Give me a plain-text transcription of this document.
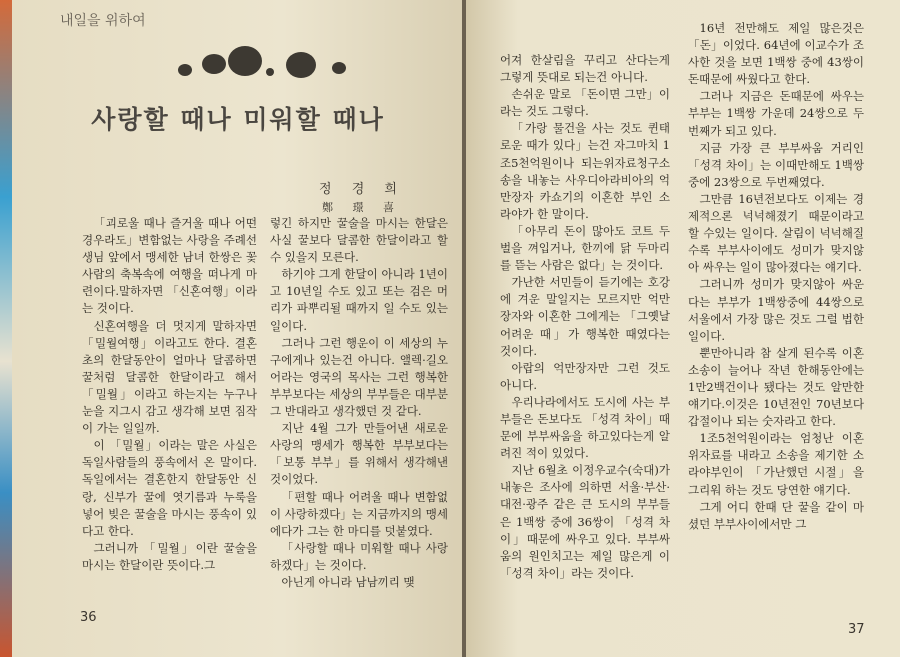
내일을 위하여
사랑할 때나 미워할 때나
정 경 희
鄭 璟 喜

「괴로울 때나 즐거울 때나 어떤 경우라도」변함없는 사랑을 주례선생님 앞에서 맹세한 남녀 한쌍은 꽃사람의 축복속에 여행을 떠나게 마련이다.말하자면 「신혼여행」이라는 것이다.

신혼여행을 더 멋지게 말하자면 「밀월여행」이라고도 한다. 결혼초의 한달동안이 얼마나 달콤하면 꿀처럼 달콤한 한달이라고 해서 「밀월」이라고 하는지는 누구나 눈을 지그시 감고 생각해 보면 짐작이 가는 일일까.

이 「밀월」이라는 말은 사실은 독일사람들의 풍속에서 온 말이다. 독일에서는 결혼한지 한달동안 신랑, 신부가 꿀에 엿기름과 누룩을 넣어 빚은 꿀술을 마시는 풍속이 있다고 한다.

그러니까 「밀월」이란 꿀술을 마시는 한달이란 뜻이다.그

렇긴 하지만 꿀술을 마시는 한달은 사실 꿀보다 달콤한 한달이라고 할 수 있을지 모른다.

하기야 그게 한달이 아니라 1년이고 10년일 수도 있고 또는 검은 머리가 파뿌리될 때까지 일 수도 있는 일이다.

그러나 그런 행운이 이 세상의 누구에게나 있는건 아니다. 앨렉·길오어라는 영국의 목사는 그런 행복한 부부보다는 세상의 부부들은 대부분 그 반대라고 생각했던 것 같다.

지난 4월 그가 만들어낸 새로운 사랑의 맹세가 행복한 부부보다는 「보통 부부」를 위해서 생각해낸 것이었다.

「편할 때나 어려울 때나 변함없이 사랑하겠다」는 지금까지의 맹세에다가 그는 한 마디를 덧붙였다.

「사랑할 때나 미워할 때나 사랑하겠다」는 것이다.

아닌게 아니라 남남끼리 맺

36

어져 한살림을 꾸리고 산다는게 그렇게 뜻대로 되는건 아니다.

손쉬운 말로 「돈이면 그만」이라는 것도 그렇다.

「가랑 물건을 사는 것도 퀸태로운 때가 있다」는건 자그마치 1조5천억원이나 되는위자료청구소송을 내놓는 사우디아라비아의 억만장자 카쇼기의 이혼한 부인 소라야가 한 말이다.

「아무리 돈이 많아도 코트 두벌을 껴입거나, 한끼에 닭 두마리를 뜯는 사람은 없다」는 것이다.

가난한 서민들이 듣기에는 호강에 겨운 말일지는 모르지만 억만장자와 이혼한 그에게는 「그옛날 어려운 때」가 행복한 때였다는 것이다.

아랍의 억만장자만 그런 것도 아니다.

우리나라에서도 도시에 사는 부부들은 돈보다도 「성격 차이」때문에 부부싸움을 하고있다는게 알려진 적이 있었다.

지난 6월초 이정우교수(숙대)가 내놓은 조사에 의하면 서울·부산·대전·광주 같은 큰 도시의 부부들은 1백쌍 중에 36쌍이 「성격 차이」때문에 싸우고 있다. 부부싸움의 원인치고는 제일 많은게 이 「성격 차이」라는 것이다.

16년 전만해도 제일 많은것은 「돈」이었다. 64년에 이교수가 조사한 것을 보면 1백쌍 중에 43쌍이 돈때문에 싸웠다고 한다.

그러나 지금은 돈때문에 싸우는 부부는 1백쌍 가운데 24쌍으로 두번째가 되고 있다.

지금 가장 큰 부부싸움 거리인 「성격 차이」는 이때만해도 1백쌍중에 23쌍으로 두번째였다.

그만큼 16년전보다도 이제는 경제적으론 넉넉해졌기 때문이라고 할 수있는 일이다. 살림이 넉넉해질 수록 부부사이에도 성미가 맞지않아 싸우는 일이 많아졌다는 얘기다.

그러니까 성미가 맞지않아 싸운다는 부부가 1백쌍중에 44쌍으로 서울에서 가장 많은 것도 그럴 법한 일이다.

뿐만아니라 참 살게 된수록 이혼 소송이 늘어나 작년 한해동안에는 1만2백건이나 됐다는 것도 알만한 얘기다.이것은 10년전인 70년보다 갑절이나 되는 숫자라고 한다.

1조5천억원이라는 엄청난 이혼 위자료를 내라고 소송을 제기한 소라야부인이 「가난했던 시절」을 그리워 하는 것도 당연한 얘기다.

그게 어디 한때 단 꿀을 같이 마셨던 부부사이에서만 그

37
